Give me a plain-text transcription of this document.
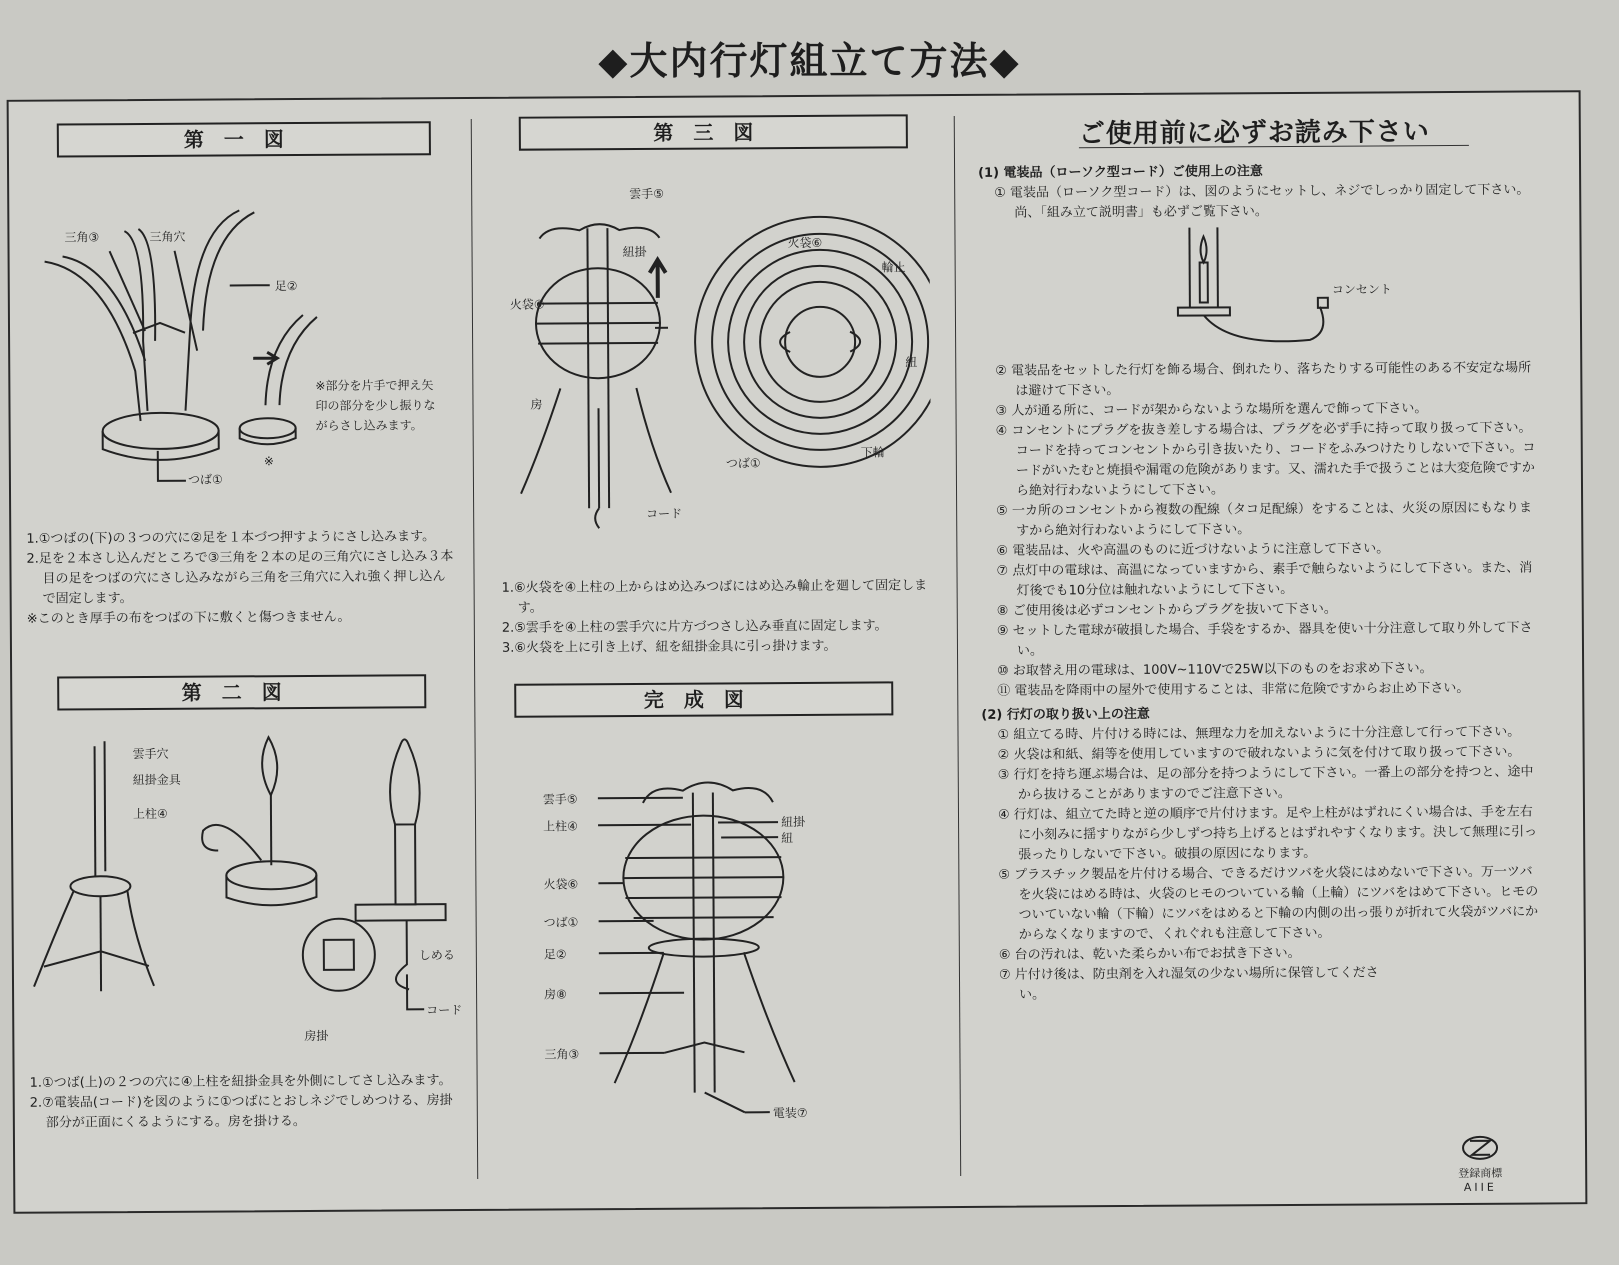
◆大内行灯組立て方法◆
第一図
三角③	三角穴
足②
つば①
※
※部分を片手で押え矢
印の部分を少し振りな
がらさし込みます。
1.①つばの(下)の３つの穴に②足を１本づつ押すようにさし込みます。
2.足を２本さし込んだところで③三角を２本の足の三角穴にさし込み３本目の足をつばの穴にさし込みながら三角を三角穴に入れ強く押し込んで固定します。
※このとき厚手の布をつばの下に敷くと傷つきません。
第二図
雲手穴
紐掛金具
上柱④
しめる
コード
房掛
1.①つば(上)の２つの穴に④上柱を紐掛金具を外側にしてさし込みます。
2.⑦電装品(コード)を図のように①つばにとおしネジでしめつける、房掛部分が正面にくるようにする。房を掛ける。
第三図
雲手⑤
紐掛
火袋⑥
房
コード
火袋⑥
輪止
紐
下輪
つば①
1.⑥火袋を④上柱の上からはめ込みつばにはめ込み輪止を廻して固定します。
2.⑤雲手を④上柱の雲手穴に片方づつさし込み垂直に固定します。
3.⑥火袋を上に引き上げ、紐を紐掛金具に引っ掛けます。
完成図
雲手⑤
上柱④
火袋⑥
つば①
足②
房⑧
三角③
紐掛
紐
電装⑦
ご使用前に必ずお読み下さい
(1) 電装品（ローソク型コード）ご使用上の注意
① 電装品（ローソク型コード）は、図のようにセットし、ネジでしっかり固定して下さい。尚、「組み立て説明書」も必ずご覧下さい。
コンセント
② 電装品をセットした行灯を飾る場合、倒れたり、落ちたりする可能性のある不安定な場所は避けて下さい。
③ 人が通る所に、コードが架からないような場所を選んで飾って下さい。
④ コンセントにプラグを抜き差しする場合は、プラグを必ず手に持って取り扱って下さい。コードを持ってコンセントから引き抜いたり、コードをふみつけたりしないで下さい。コードがいたむと焼損や漏電の危険があります。又、濡れた手で扱うことは大変危険ですから絶対行わないようにして下さい。
⑤ 一カ所のコンセントから複数の配線（タコ足配線）をすることは、火災の原因にもなりますから絶対行わないようにして下さい。
⑥ 電装品は、火や高温のものに近づけないように注意して下さい。
⑦ 点灯中の電球は、高温になっていますから、素手で触らないようにして下さい。また、消灯後でも10分位は触れないようにして下さい。
⑧ ご使用後は必ずコンセントからプラグを抜いて下さい。
⑨ セットした電球が破損した場合、手袋をするか、器具を使い十分注意して取り外して下さい。
⑩ お取替え用の電球は、100V~110Vで25W以下のものをお求め下さい。
⑪ 電装品を降雨中の屋外で使用することは、非常に危険ですからお止め下さい。
(2) 行灯の取り扱い上の注意
① 組立てる時、片付ける時には、無理な力を加えないように十分注意して行って下さい。
② 火袋は和紙、絹等を使用していますので破れないように気を付けて取り扱って下さい。
③ 行灯を持ち運ぶ場合は、足の部分を持つようにして下さい。一番上の部分を持つと、途中から抜けることがありますのでご注意下さい。
④ 行灯は、組立てた時と逆の順序で片付けます。足や上柱がはずれにくい場合は、手を左右に小刻みに揺すりながら少しずつ持ち上げるとはずれやすくなります。決して無理に引っ張ったりしないで下さい。破損の原因になります。
⑤ プラスチック製品を片付ける場合、できるだけツバを火袋にはめないで下さい。万一ツバを火袋にはめる時は、火袋のヒモのついている輪（上輪）にツバをはめて下さい。ヒモのついていない輪（下輪）にツバをはめると下輪の内側の出っ張りが折れて火袋がツバにかからなくなりますので、くれぐれも注意して下さい。
⑥ 台の汚れは、乾いた柔らかい布でお拭き下さい。
⑦ 片付け後は、防虫剤を入れ湿気の少ない場所に保管してください。
登録商標
AIIE
